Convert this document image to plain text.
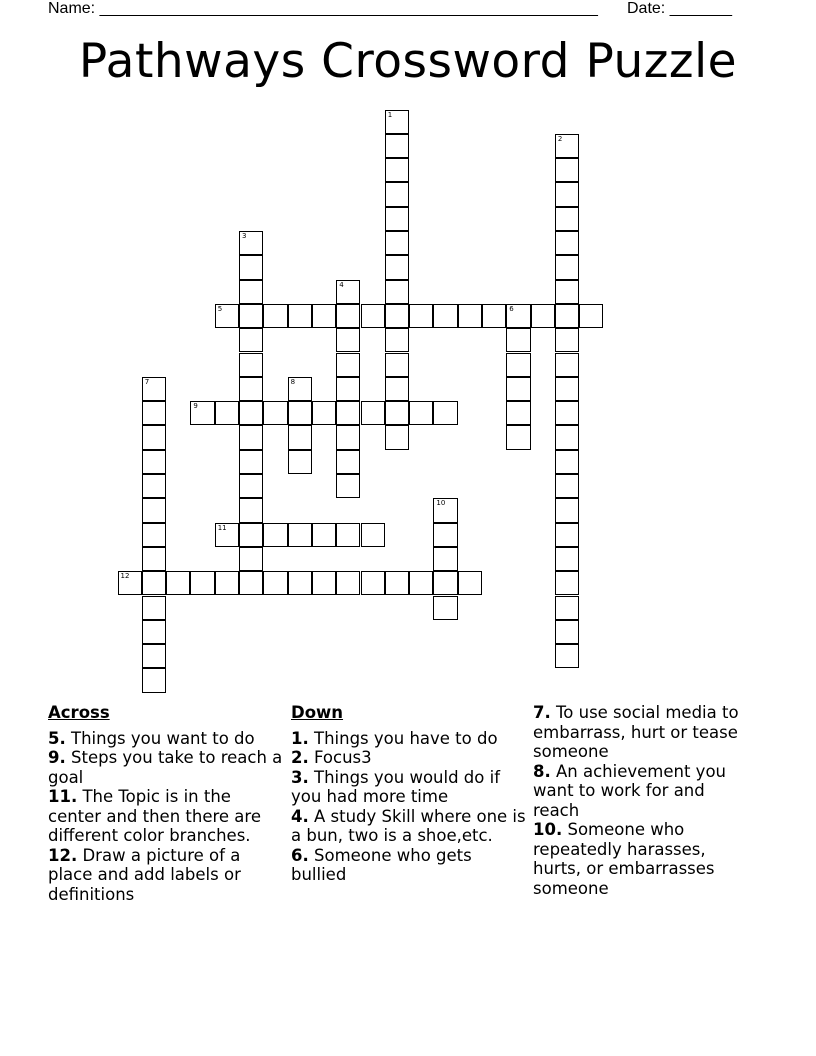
Name: ________________________________________________________ Date: _______
Pathways Crossword Puzzle
1
2
3
4
5	6
7	8
9
10
11
12
Across
5. Things you want to do
9. Steps you take to reach a goal
11. The Topic is in the center and then there are different color branches.
12. Draw a picture of a place and add labels or definitions
Down
1. Things you have to do
2. Focus3
3. Things you would do if you had more time
4. A study Skill where one is a bun, two is a shoe,etc.
6. Someone who gets bullied
7. To use social media to embarrass, hurt or tease someone
8. An achievement you want to work for and reach
10. Someone who repeatedly harasses, hurts, or embarrasses someone
